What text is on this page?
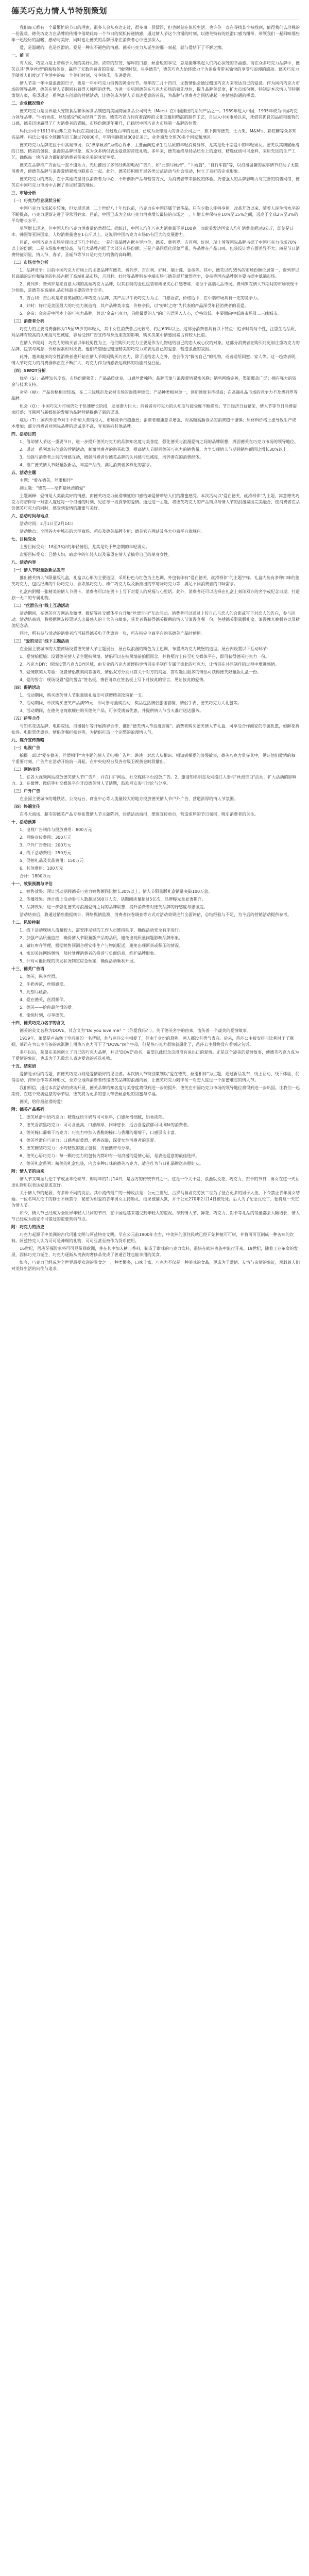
德芙巧克力情人节特别策划

我们每天都有一个最繁忙的节日的理由，很多人会从身边走过，很多事一层漂浮，但也时刻在体验生活。也许你一直在寻找某个被找到，值得我们去珍视的一份温暖。德芙巧克力在品牌的传播中借助此每一个节日的契机传递情感，通过情人节这个浪漫的时刻，以德芙特有的丝滑口感为纽带，带领我们一起回味那些年一起经历的温暖、感动与美好，同时也让德芙的品牌形象在消费者心中更加深入。

爱，是温暖的，也是丝滑的。爱是一种永不褪色的情感。德芙巧克力从诞生的那一刻起，就与爱结下了不解之缘。

一、前 言

有人说，巧克力是上帝赐予人类的美好礼物。浓郁的芬芳，醇厚的口感，丝滑般的享受，总是能够唤起人们内心深处的幸福感。而在众多巧克力品牌中，德芙以其"纵享丝滑"的独特体验，赢得了无数消费者的喜爱。"愉悦时刻，尽享德芙"，德芙巧克力始终致力于为消费者带来愉悦的享受与浪漫的感动。德芙巧克力伴随着人们度过了生活中的每一个美好时刻，分享快乐，传递爱意。

情人节是一年中最浪漫的日子，也是一年中巧克力销售的黄金时节。每年的二月十四日，无数情侣会通过赠送巧克力来表达自己的爱意。作为国内巧克力市场的领导品牌，德芙在情人节期间有着得天独厚的优势。为进一步巩固德芙在巧克力市场的领先地位，提升品牌美誉度，扩大市场份额，特制定本次情人节特别策划方案，希望通过一系列富有创意的营销活动，让德芙成为情人节表达爱意的首选，为品牌与消费者之间搭建起一座情感沟通的桥梁。

二、企业概况简介

德芙巧克力是世界最大宠物食品和休闲食品制造商美国跨国食品公司玛氏（Mars）在中国推出的系列产品之一。1989年进入中国，1995年成为中国巧克力领导品牌。"牛奶香浓，丝般感受"成为经典广告语。德芙巧克力拥有着深厚的文化底蕴和精湛的制作工艺，自进入中国市场以来，凭借其优良的品质和独特的口感，德芙迅速赢得了广大消费者的青睐，市场份额逐年攀升，已稳居中国巧克力市场第一品牌的位置。

玛氏公司于1911年由弗兰克·玛氏在美国创立，经过近百年的发展，已成为全球最大的食品公司之一，旗下拥有德芙、士力架、M&M's、彩虹糖等众多知名品牌。玛氏公司在全球拥有员工超过70000名，年销售额超过300亿美元，业务遍及全球70多个国家和地区。

德芙巧克力品牌定位于中高端市场，以"纵享丝滑"为核心诉求，主要面向追求生活品质的年轻消费群体，尤其是处于恋爱中的年轻男女。德芙以其细腻丝滑的口感、精美的包装、浪漫的品牌形象，成为众多情侣表达爱意的首选礼物。多年来，德芙始终坚持品质至上的原则，精选优质可可原料，采用先进的生产工艺，确保每一块巧克力都能给消费者带来完美的味觉享受。

德芙在品牌推广方面也一直不遗余力，先后推出了多部经典的电视广告片，如"此刻尽丝滑"、"下雨篇"、"自行车篇"等，以浪漫温馨的故事情节打动了无数消费者，使德芙品牌与浪漫爱情紧密地联系在一起。此外，德芙还积极开展各类公益活动与社会活动，树立了良好的企业形象。

德芙巧克力的成功，在于其始终坚持以消费者为中心，不断创新产品与营销方式，为消费者带来愉悦的体验。凭借强大的品牌影响力与完善的销售网络，德芙在中国巧克力市场中占据了举足轻重的地位。

三、市场分析

（一）巧克力行业现状分析

中国巧克力市场起步较晚，但发展迅速。二十世纪八十年代以前，巧克力在中国还属于奢侈品，只有少数人能够享用。改革开放以来，随着人民生活水平的不断提高，巧克力逐渐走进了寻常百姓家。目前，中国已成为全球巧克力消费增长最快的市场之一，年增长率保持在10%至15%之间，远高于全球2%至3%的平均增长水平。

尽管增长迅速，但中国人均巧克力消费量仍然很低。据统计，中国人均年巧克力消费量不足100克，而欧美发达国家人均年消费量超过8公斤，即使是日本、韩国等亚洲国家，人均消费量也在1公斤以上。这说明中国巧克力市场仍有巨大的发展潜力。

目前，中国巧克力市场呈现出以下几个特点：一是外资品牌占据主导地位，德芙、费列罗、吉百利、好时、瑞士莲等国际品牌占据了中国巧克力市场70%以上的份额；二是市场集中度较高，前几大品牌占据了大部分市场份额；三是产品同质化现象严重，各品牌在产品口味、包装设计等方面差异不大；四是节日消费特征明显，情人节、春节、圣诞节等节日是巧克力销售的高峰期。

（二）市场竞争分析

1、品牌竞争：目前中国巧克力市场上的主要品牌有德芙、费列罗、吉百利、好时、瑞士莲、金帝等。其中，德芙以约35%的市场份额位居第一，费列罗以其高端的定位和精美的包装占据了高端礼品市场，吉百利、好时等品牌则在中端市场与德芙展开激烈竞争，金帝等国内品牌则主要占据中低端市场。

2、费列罗：费列罗是来自意大利的高端巧克力品牌，以其独特的金色包装和榛果夹心口感著称，定位于高端礼品市场。费列罗在情人节期间的市场表现十分抢眼，是德芙在高端礼品市场最主要的竞争对手。

3、吉百利：吉百利是来自英国的百年巧克力品牌，其产品以牛奶巧克力为主，口感香浓，价格适中，在中端市场具有一定的竞争力。

4、好时：好时是美国最大的巧克力制造商，其产品种类丰富，价格亲民，以"好时之吻"为代表的产品深受年轻消费者的喜爱。

5、金帝：金帝是中国本土的巧克力品牌，曾以"金帝巧克力，只给最爱的人"的广告语深入人心，价格较低，主要面向中低端市场及二三线城市。

（三）消费者分析

巧克力的主要消费群体为15至35岁的年轻人，其中女性消费者占比较高，约占60%以上。这部分消费者具有以下特点：追求时尚与个性，注重生活品质，对品牌有较高的认知度与忠诚度，容易受到广告宣传与身边朋友的影响，购买决策中情感因素占有较大比重。

在情人节期间，巧克力的购买者以年轻男性为主，他们购买巧克力主要是作为礼物送给自己的恋人或心仪的对象。这部分消费者在购买时更加注重巧克力的品牌、包装与寓意，价格因素相对次要。他们希望通过赠送精美的巧克力来表达自己的爱意，营造浪漫的氛围。

此外，越来越多的女性消费者也开始在情人节期间购买巧克力，除了送给恋人之外，也会作为"犒劳自己"的礼物，或者送给闺蜜、家人等。这一趋势表明，情人节巧克力的消费群体正在不断扩大，巧克力作为情感表达载体的功能日益凸显。

（四）SWOT分析

优势（S）：品牌知名度高，市场份额领先；产品品质优良，口感丝滑独特；品牌形象与浪漫爱情紧密关联；销售网络完善，渠道覆盖广泛；拥有强大的资金与技术支持。

劣势（W）：产品价格相对较高，在二三线城市及农村市场的渗透率较低；产品种类相对单一，创新速度有待提高；在高端礼品市场的竞争力不及费列罗等品牌。

机会（O）：中国巧克力市场仍处于快速增长阶段，发展潜力巨大；消费者对巧克力的认知度与接受度不断提高；节日经济日益繁荣，情人节等节日消费需求旺盛；互联网与新媒体的发展为品牌营销提供了新的渠道。

威胁（T）：国内外竞争对手不断加大营销投入，市场竞争日趋激烈；消费者健康意识增强，对高糖高脂食品的消费趋于谨慎；原材料价格上涨导致生产成本增加；部分消费者对国际品牌的忠诚度不高，容易转向其他品牌。

四、活动目的

1、借助情人节这一重要节日，进一步提升德芙巧克力的品牌知名度与美誉度，强化德芙与浪漫爱情之间的品牌联想，巩固德芙在巧克力市场的领导地位。

2、通过一系列富有创意的营销活动，刺激消费者的购买欲望，提高情人节期间德芙巧克力的销售量，力争实现情人节期间销售额同比增长30%以上。

3、加强与消费者之间的情感互动，增强消费者对德芙品牌的认同感与忠诚度，培养潜在的消费群体。

4、推广德芙情人节限量版新品，丰富产品线，满足消费者多样化的需求。

五、活动主题

主题："爱在德芙，丝滑相伴"

副主题："德芙——给你最丝滑的爱"

主题阐释：爱情是人类最美好的情感，而德芙巧克力丝滑细腻的口感恰如爱情带给人们的甜蜜感受。本次活动以"爱在德芙，丝滑相伴"为主题，寓意德芙巧克力将陪伴每一对恋人度过每一个浪漫的时刻，见证每一段真挚的爱情。通过这一主题，将德芙巧克力的产品特点与情人节的浪漫氛围完美融合，使消费者在品尝德芙巧克力的同时，感受到爱情的甜蜜与美好。

六、活动时间与地点

活动时间：2月1日至2月14日

活动地点：全国各大中城市的大型商场、超市及德芙品牌专柜；德芙官方网站及各大电商平台旗舰店。

七、目标受众

主要目标受众：18至35岁的年轻情侣，尤其是处于热恋期的年轻男女。

次要目标受众：已婚夫妇、暗恋中的年轻人以及希望在情人节犒劳自己的单身女性。

八、活动内容

（一）情人节限量版新品发布

推出德芙情人节限量版礼盒，礼盒以心形为主要造型，采用粉色与红色为主色调，外包装印有"爱在德芙，丝滑相伴"的主题字样。礼盒内装有多种口味的德芙巧克力，包括经典的牛奶巧克力、香浓黑巧克力、榛仁巧克力以及新推出的草莓味巧克力等，满足不同消费者的口味需求。

礼盒内附赠一张精美的情人节贺卡，消费者可以在贺卡上写下对爱人的祝福与心里话。此外，消费者还可以选择在礼盒上刻印双方的名字或纪念日期，打造独一无二的专属礼物。

（二）"丝滑告白"线上互动活动

活动期间，在德芙官方网站及微博、微信等社交媒体平台开展"丝滑告白"互动活动。消费者可以通过上传自己与恋人的合影或写下对恋人的告白，参与活动。活动结束后，将根据网友投票评选出最感人的十大告白故事，获奖者将获得德芙提供的情人节浪漫套餐一份，包括德芙限量版礼盒、浪漫烛光晚餐券以及精美纪念品。

同时，所有参与活动的消费者均可获得德芙电子优惠券一张，可在指定电商平台购买德芙产品时使用。

（三）"爱的见证"线下主题活动

在全国主要城市的大型商场设置德芙情人节主题展台，展台以浪漫的粉色为主色调，布置成巧克力城堡的造型。展台内设置以下互动环节：

1、爱情拍照墙：设置德芙情人节主题拍照墙，情侣可以在拍照墙前拍照留念，并将照片上传至社交媒体平台，即可获得德芙巧克力一份。

2、巧克力DIY：现场设置巧克力DIY区域，由专业的巧克力师傅指导情侣亲手制作专属于彼此的巧克力，让情侣在共同制作的过程中增进感情。

3、爱情默契大考验：设置情侣默契问答游戏，情侣双方分别回答关于对方的问题，答对题目最多的情侣可获得德芙限量版礼盒一份。

4、爱的誓言：现场设置"爱的誓言"签名板，情侣可以在签名板上写下对彼此的誓言，见证彼此的爱情。

（四）促销活动

1、活动期间，购买德芙情人节限量版礼盒即可获赠精美玫瑰花一支。

2、活动期间，单次购买德芙产品满99元，即可参与抽奖活动，奖品包括情侣旅游套餐、情侣手表、德芙巧克力大礼包等。

3、活动期间，在德芙电商旗舰店购买德芙产品，可享受满减优惠，并提供情人节当天准时送达服务。

（五）跨界合作

与知名花店品牌、电影院线、浪漫餐厅等开展跨界合作，推出"德芙情人节浪漫套餐"。消费者购买德芙情人节礼盒，可享受合作商家的专属优惠，如鲜花折扣券、电影票优惠券、情侣套餐折扣券等，为情侣打造一个完整的浪漫情人节。

九、媒介宣传策略

（一）电视广告

拍摄一部以"爱在德芙，丝滑相伴"为主题的情人节电视广告片，讲述一对恋人从相识、相知到相爱的浪漫故事，德芙巧克力贯穿其中，见证他们爱情的每一个重要时刻。广告片在活动开始前一周起，在中央电视台及各省级卫视黄金时段播出。

（二）网络宣传

1、在各大视频网站投放德芙情人节广告片，并在门户网站、社交媒体平台投放广告。2、邀请知名明星及网络红人参与"丝滑告白"活动，扩大活动的影响力。3、在微博、微信等社交媒体平台开设德芙情人节话题，鼓励网友参与讨论与分享。

（三）户外广告

在全国主要城市的地铁站、公交站台、商业中心等人流量较大的地方投放德芙情人节户外广告，营造浓厚的情人节氛围。

（四）终端宣传

在各大商场、超市的德芙产品专柜布置情人节主题陈列，张贴活动海报，摆放宣传单页，营造浓厚的节日氛围，吸引消费者的关注。

十、活动预算

1、电视广告制作与投放费用：800万元

2、网络宣传费用：300万元

3、户外广告费用：200万元

4、线下活动费用：250万元

5、促销礼品及奖品费用：150万元

6、其他费用：100万元

合计：1800万元

十一、效果预测与评估

1、销售效果：预计活动期间德芙巧克力销售额同比增长30%以上，情人节限量版礼盒销量突破100万盒。

2、传播效果：预计线上活动参与人数超过500万人次，话题阅读量超过5亿次，品牌曝光量显著提升。

3、品牌效果：进一步强化德芙与浪漫爱情之间的品牌联想，提升消费者对德芙品牌的好感度与忠诚度。

活动结束后，将通过销售数据统计、网络舆情监测、消费者问卷调查等方式对活动效果进行全面评估，总结经验与不足，为今后的营销活动提供参考。

十二、风险控制

1、线下活动现场人流量较大，需安排足够的工作人员维持秩序，确保活动安全有序进行。

2、加强产品质量监控，确保情人节限量版产品的品质，避免出现质量问题影响品牌形象。

3、做好库存管理，根据销售预测合理安排生产与物流配送，避免出现断货或积压的情况。

4、密切关注网络舆情，及时处理消费者的投诉与负面信息，维护品牌形象。

5、针对可能出现的突发状况制定应急预案，确保活动顺利开展。

十三、德芙广告语

1、德芙，纵享丝滑。

2、牛奶香浓，丝般感受。

3、此刻尽丝滑。

4、爱在德芙，丝滑相伴。

5、德芙——给你最丝滑的爱。

6、愉悦时刻，尽享德芙。

十四、德芙巧克力名字的含义

德芙的英文名称为DOVE，其含义为"Do you love me？"（你爱我吗？）。关于德芙名字的由来，流传着一个凄美的爱情故事。

1919年，莱昂是卢森堡王室后厨的一名帮厨，他与芭莎公主相爱了，但由于身份的悬殊，两人都没有勇气表白。后来，芭莎公主被安排与比利时王子联姻，莱昂在为公主准备的冰淇淋上用热巧克力写下了"DOVE"四个字母，但是热巧克力很快就融化了，芭莎公主最终没有看到这句话。

多年以后，莱昂在美国创立了自己的巧克力品牌，并以"DOVE"命名，希望以此纪念这段没有说出口的爱情。正是这个凄美的爱情故事，使德芙巧克力成为了爱情的象征，也成为了无数恋人表达爱意的首选礼物。

十五、结束语

爱情是永恒的话题，而德芙巧克力则是爱情最好的见证者。本次情人节特别策划以"爱在德芙，丝滑相伴"为主题，通过新品发布、线上互动、线下体验、促销活动、跨界合作等多种形式，全方位地向消费者传递德芙品牌的浪漫内涵，让德芙巧克力陪伴每一对恋人度过一个甜蜜难忘的情人节。

我们相信，通过本次活动的成功开展，德芙品牌的知名度与美誉度将得到进一步的提升，德芙在中国巧克力市场的领导地位将得到进一步巩固。让我们一起期待，在这个充满爱意的季节里，德芙将为更多的恋人带去丝滑般的甜蜜与幸福。

德芙，给你最丝滑的爱！

附：德芙产品系列

1、德芙丝滑牛奶巧克力：精选优质牛奶与可可原料，口感丝滑细腻，奶香浓郁。

2、德芙香浓黑巧克力：可可含量高，口感醇厚，回味悠长，适合喜爱浓郁可可风味的消费者。

3、德芙榛仁葡萄干巧克力：巧克力中加入香脆的榛仁与香甜的葡萄干，口感层次丰富。

4、德芙丝滑白巧克力：口感香甜柔滑，奶香四溢，深受女性消费者的喜爱。

5、德芙碗装巧克力：小巧精致的独立包装，方便携带与分享。

6、德芙心语巧克力：每一颗巧克力的包装内都印有一句浪漫的爱情心语，是表达爱意的最佳选择。

7、德芙礼盒系列：精美的礼盒包装，内含多种口味的德芙巧克力，适合作为节日礼品赠送亲朋好友。

附：情人节的由来

情人节又叫圣瓦伦丁节或圣华伦泰节，即每年的2月14日，是西方的传统节日之一。这是一个关于爱、浪漫以及花、巧克力、贺卡的节日，男女在这一天互送礼物用以表达爱意或友好。

关于情人节的起源，有多种不同的说法。其中流传最广的一种说法是：公元三世纪，古罗马暴君克劳狄二世为了征召更多的男子入伍，下令禁止青年男女结婚。一位名叫瓦伦丁的修士不顾禁令，秘密为相爱的青年男女主持婚礼，结果被捕入狱，并于公元270年2月14日被处死。后人为了纪念瓦伦丁，便将这一天定为情人节。

如今，情人节已经成为全世界年轻人共同的节日，在中国也越来越受到年轻人的重视。每到情人节，鲜花、巧克力、贺卡等礼品的销量都会大幅增长，情人节已经成为商家不可错过的重要营销节点。

附：巧克力的历史

巧克力起源于中美洲的古代玛雅文明与阿兹特克文明。早在公元前1900年左右，中美洲的原住民就已经开始种植可可树，并将可可豆制成一种苦味的饮料。阿兹特克人认为可可是神赐的礼物，可可豆甚至被作为货币使用。

16世纪，西班牙探险家将可可豆带回欧洲，并在其中加入糖与香料，制成了甜味的巧克力饮料，很快在欧洲贵族中流行开来。19世纪，随着工业革命的发展，固体巧克力诞生，巧克力逐渐从贵族的奢侈品变成了普通百姓也能享用的美食。

如今，巧克力已经成为全世界最受欢迎的零食之一，种类繁多，口味丰富。巧克力不仅是一种美味的食品，更成为了爱情、友情与亲情的象征，承载着人们对美好生活的向往与追求。
